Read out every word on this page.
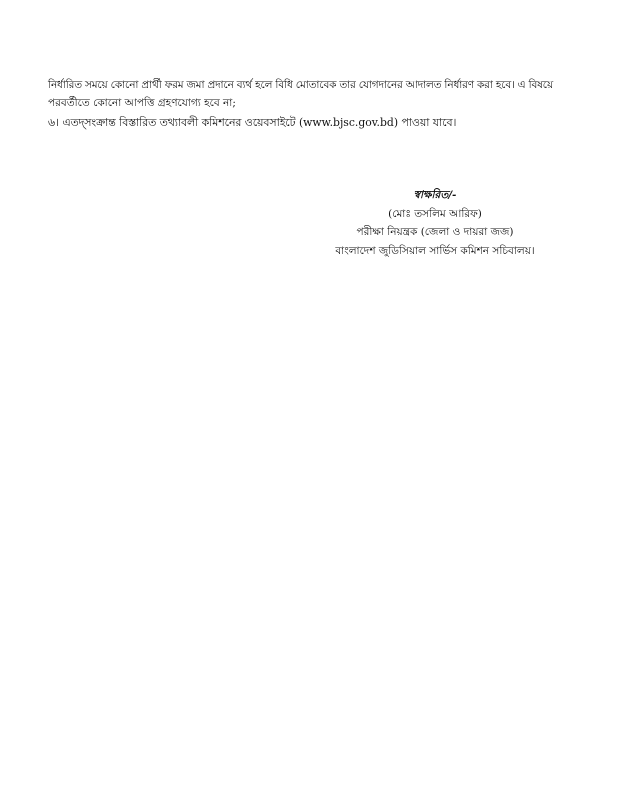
নির্ধারিত সময়ে কোনো প্রার্থী ফরম জমা প্রদানে ব্যর্থ হলে বিধি মোতাবেক তার যোগদানের আদালত নির্ধারণ করা হবে। এ বিষয়ে

পরবর্তীতে কোনো আপত্তি গ্রহণযোগ্য হবে না;

৬। এতদ্‌সংক্রান্ত বিস্তারিত তথ্যাবলী কমিশনের ওয়েবসাইটে (www.bjsc.gov.bd) পাওয়া যাবে।

স্বাক্ষরিত/-

(মোঃ তসলিম আরিফ)

পরীক্ষা নিয়ন্ত্রক (জেলা ও দায়রা জজ)

বাংলাদেশ জুডিসিয়াল সার্ভিস কমিশন সচিবালয়।
